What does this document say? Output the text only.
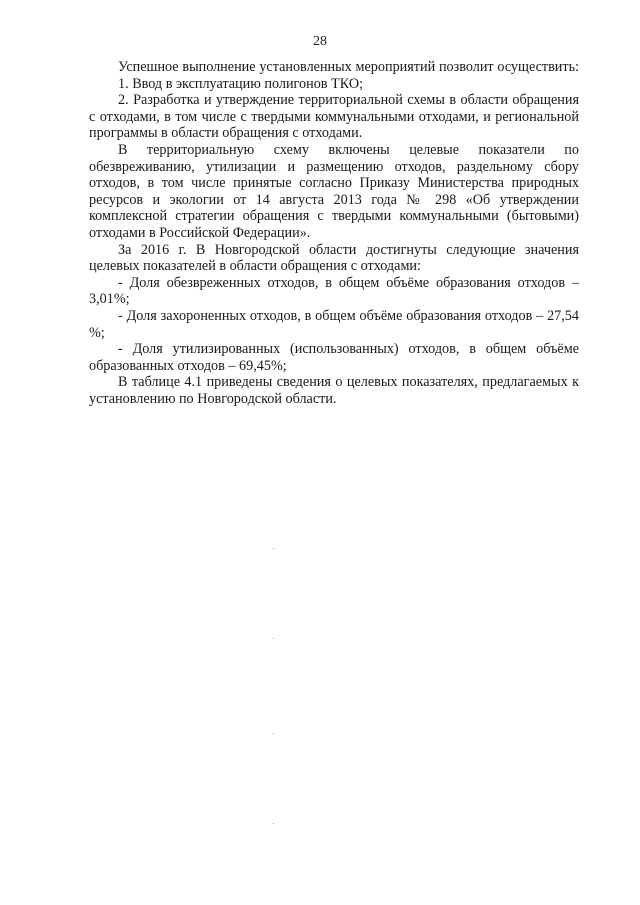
28

Успешное выполнение установленных мероприятий позволит осуществить:

1. Ввод в эксплуатацию полигонов ТКО;

2. Разработка и утверждение территориальной схемы в области обращения с отходами, в том числе с твердыми коммунальными отходами, и региональной программы в области обращения с отходами.

В территориальную схему включены целевые показатели по обезвреживанию, утилизации и размещению отходов, раздельному сбору отходов, в том числе принятые согласно Приказу Министерства природных ресурсов и экологии от 14 августа 2013 года № 298 «Об утверждении комплексной стратегии обращения с твердыми коммунальными (бытовыми) отходами в Российской Федерации».

За 2016 г. В Новгородской области достигнуты следующие значения целевых показателей в области обращения с отходами:

- Доля обезвреженных отходов, в общем объёме образования отходов – 3,01%;

- Доля захороненных отходов, в общем объёме образования отходов – 27,54 %;

- Доля утилизированных (использованных) отходов, в общем объёме образованных отходов – 69,45%;

В таблице 4.1 приведены сведения о целевых показателях, предлагаемых к установлению по Новгородской области.
